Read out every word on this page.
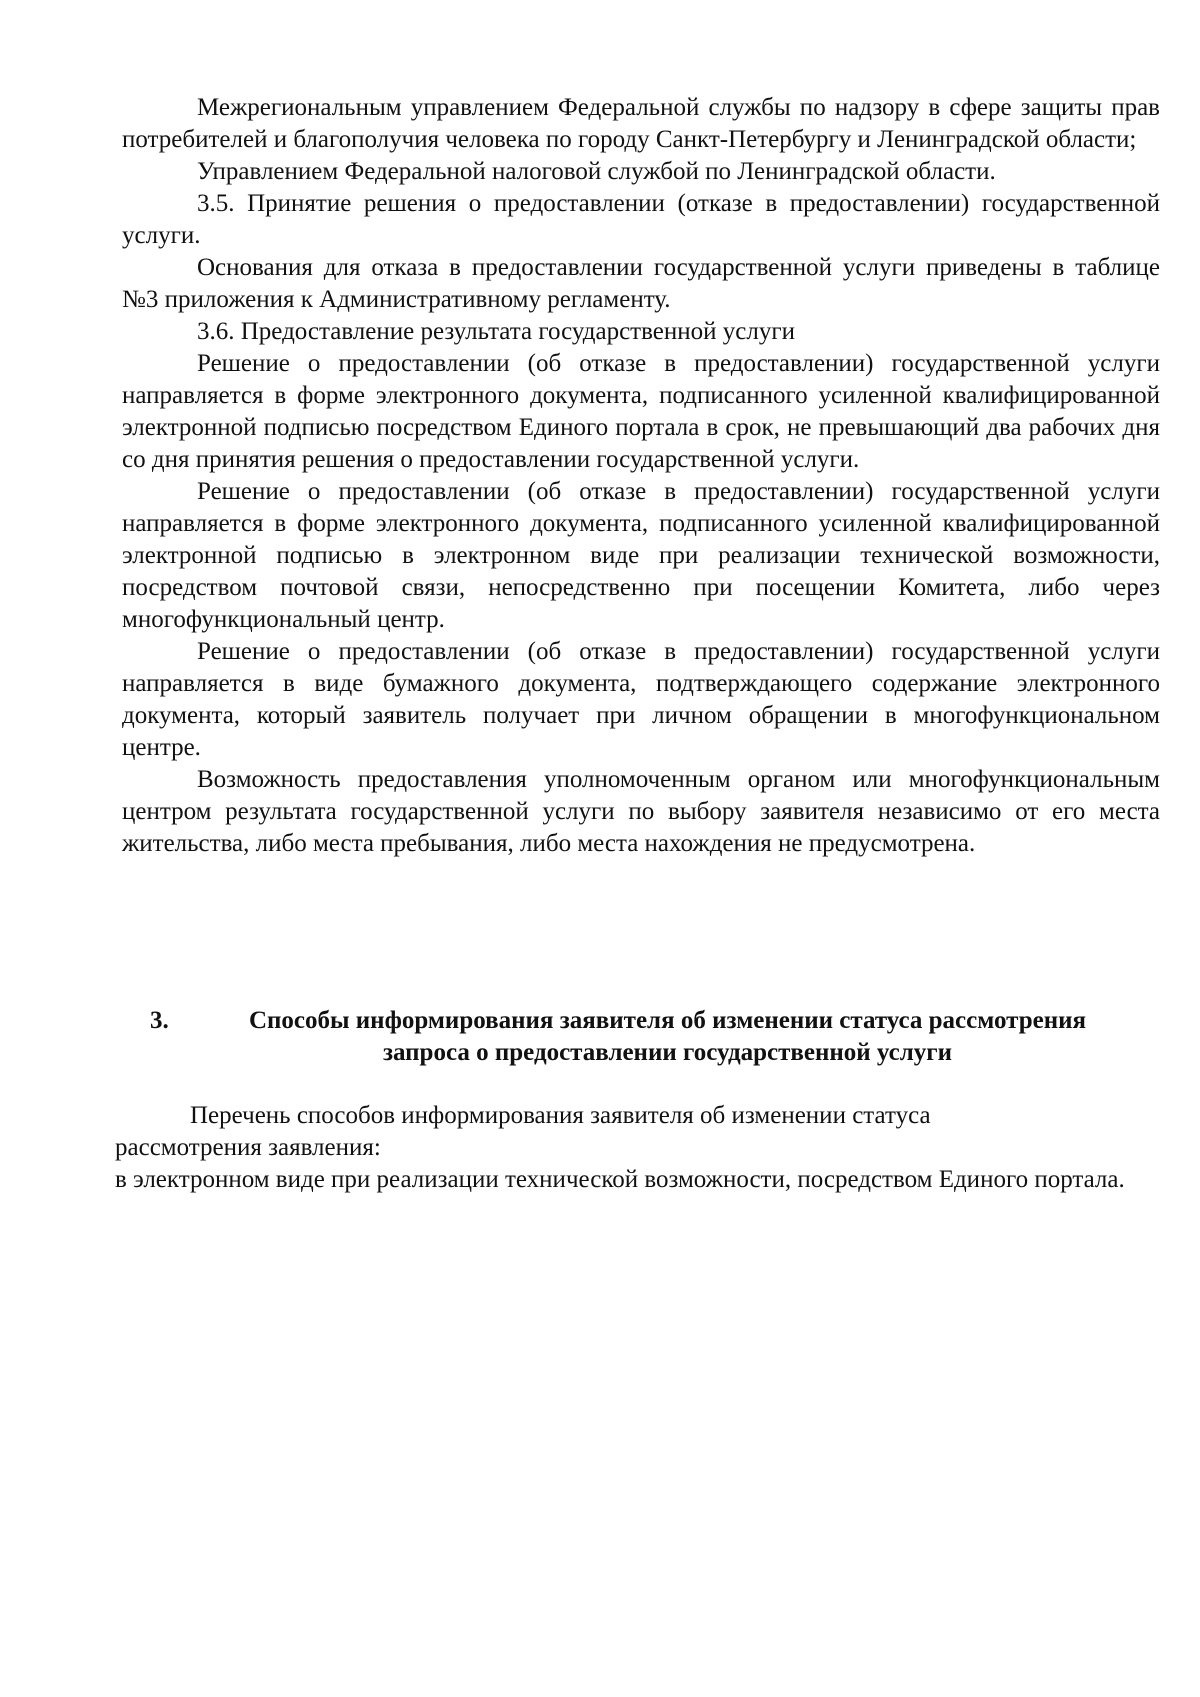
Межрегиональным управлением Федеральной службы по надзору в сфере защиты прав потребителей и благополучия человека по городу Санкт-Петербургу и Ленинградской области;

Управлением Федеральной налоговой службой по Ленинградской области.

3.5. Принятие решения о предоставлении (отказе в предоставлении) государственной услуги.

Основания для отказа в предоставлении государственной услуги приведены в таблице №3 приложения к Административному регламенту.

3.6. Предоставление результата государственной услуги

Решение о предоставлении (об отказе в предоставлении) государственной услуги направляется в форме электронного документа, подписанного усиленной квалифицированной электронной подписью посредством Единого портала в срок, не превышающий два рабочих дня со дня принятия решения о предоставлении государственной услуги.

Решение о предоставлении (об отказе в предоставлении) государственной услуги направляется в форме электронного документа, подписанного усиленной квалифицированной электронной подписью в электронном виде при реализации технической возможности, посредством почтовой связи, непосредственно при посещении Комитета, либо через многофункциональный центр.

Решение о предоставлении (об отказе в предоставлении) государственной услуги направляется в виде бумажного документа, подтверждающего содержание электронного документа, который заявитель получает при личном обращении в многофункциональном центре.

Возможность предоставления уполномоченным органом или многофункциональным центром результата государственной услуги по выбору заявителя независимо от его места жительства, либо места пребывания, либо места нахождения не предусмотрена.

3.	Способы информирования заявителя об изменении статуса рассмотрения запроса о предоставлении государственной услуги

Перечень способов информирования заявителя об изменении статуса рассмотрения заявления:

в электронном виде при реализации технической возможности, посредством Единого портала.
